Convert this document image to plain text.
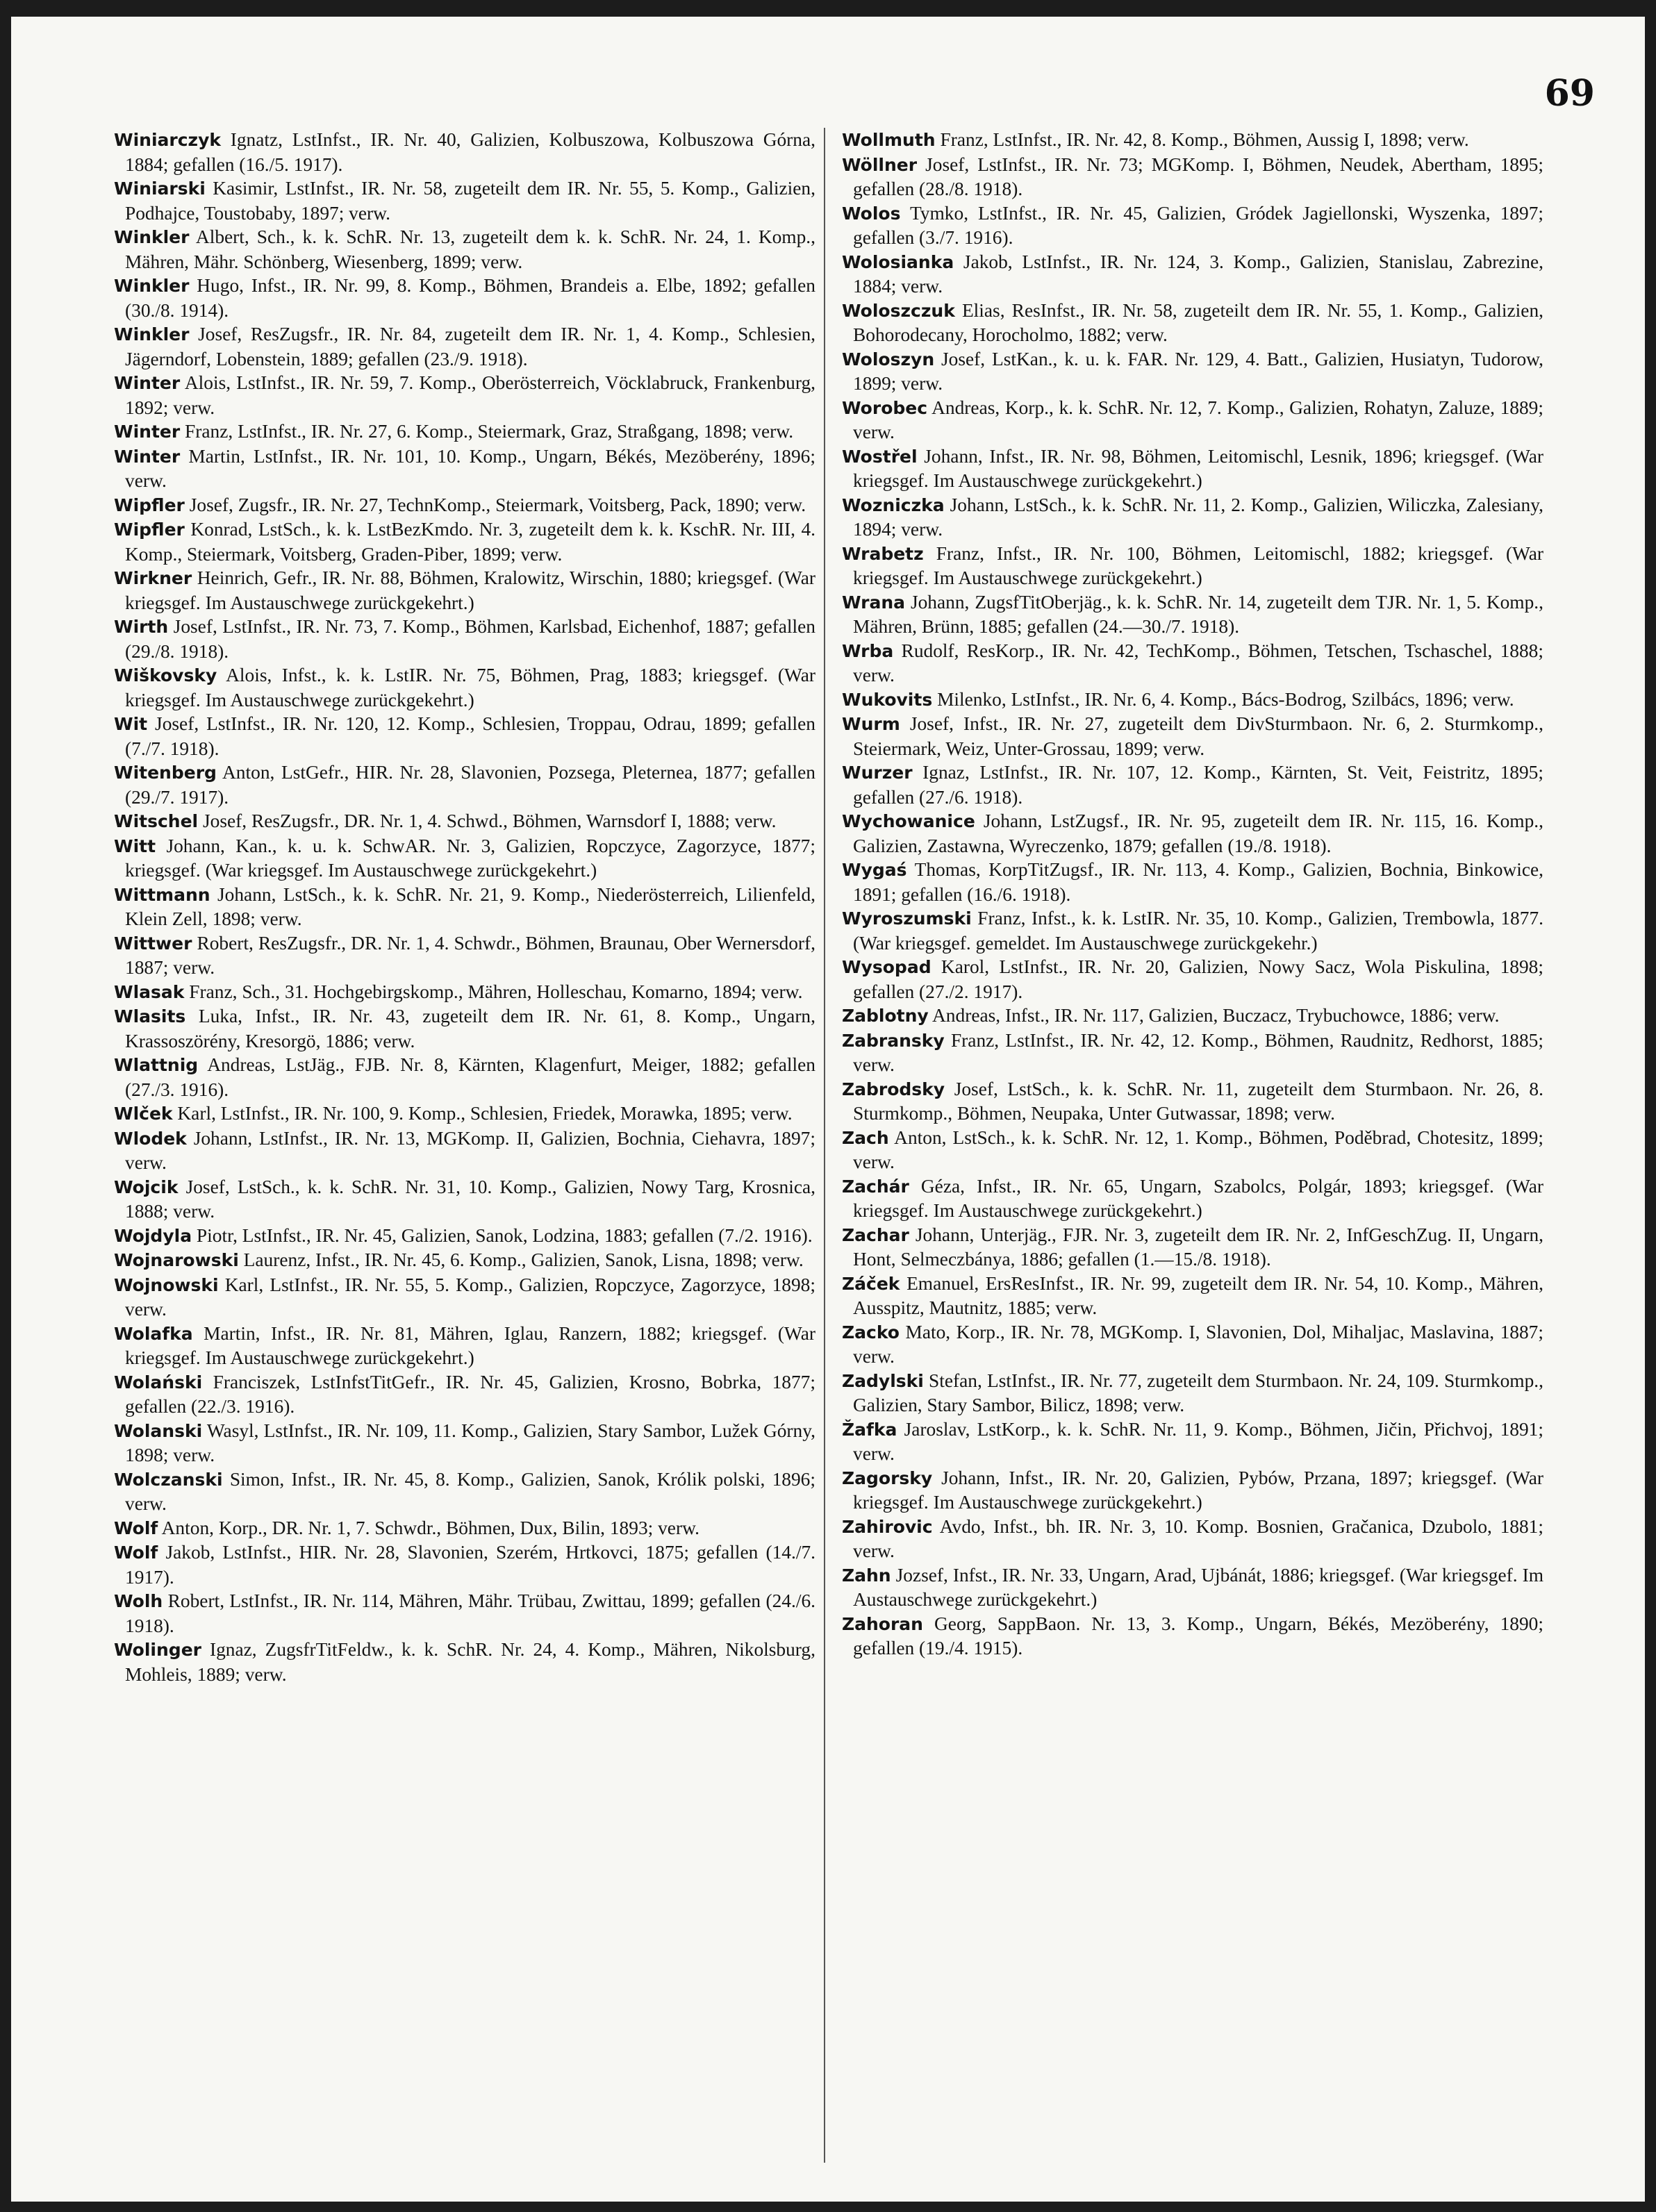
69

Winiarczyk Ignatz, LstInfst., IR. Nr. 40, Galizien, Kolbuszowa, Kolbuszowa Górna, 1884; gefallen (16./5. 1917).

Winiarski Kasimir, LstInfst., IR. Nr. 58, zugeteilt dem IR. Nr. 55, 5. Komp., Galizien, Podhajce, Toustobaby, 1897; verw.

Winkler Albert, Sch., k. k. SchR. Nr. 13, zugeteilt dem k. k. SchR. Nr. 24, 1. Komp., Mähren, Mähr. Schönberg, Wiesenberg, 1899; verw.

Winkler Hugo, Infst., IR. Nr. 99, 8. Komp., Böhmen, Brandeis a. Elbe, 1892; gefallen (30./8. 1914).

Winkler Josef, ResZugsfr., IR. Nr. 84, zugeteilt dem IR. Nr. 1, 4. Komp., Schlesien, Jägerndorf, Lobenstein, 1889; gefallen (23./9. 1918).

Winter Alois, LstInfst., IR. Nr. 59, 7. Komp., Oberösterreich, Vöcklabruck, Frankenburg, 1892; verw.

Winter Franz, LstInfst., IR. Nr. 27, 6. Komp., Steiermark, Graz, Straßgang, 1898; verw.

Winter Martin, LstInfst., IR. Nr. 101, 10. Komp., Ungarn, Békés, Mezöberény, 1896; verw.

Wipfler Josef, Zugsfr., IR. Nr. 27, TechnKomp., Steiermark, Voitsberg, Pack, 1890; verw.

Wipfler Konrad, LstSch., k. k. LstBezKmdo. Nr. 3, zugeteilt dem k. k. KschR. Nr. III, 4. Komp., Steiermark, Voitsberg, Graden-Piber, 1899; verw.

Wirkner Heinrich, Gefr., IR. Nr. 88, Böhmen, Kralowitz, Wirschin, 1880; kriegsgef. (War kriegsgef. Im Austauschwege zurückgekehrt.)

Wirth Josef, LstInfst., IR. Nr. 73, 7. Komp., Böhmen, Karlsbad, Eichenhof, 1887; gefallen (29./8. 1918).

Wiškovsky Alois, Infst., k. k. LstIR. Nr. 75, Böhmen, Prag, 1883; kriegsgef. (War kriegsgef. Im Austauschwege zurückgekehrt.)

Wit Josef, LstInfst., IR. Nr. 120, 12. Komp., Schlesien, Troppau, Odrau, 1899; gefallen (7./7. 1918).

Witenberg Anton, LstGefr., HIR. Nr. 28, Slavonien, Pozsega, Pleternea, 1877; gefallen (29./7. 1917).

Witschel Josef, ResZugsfr., DR. Nr. 1, 4. Schwd., Böhmen, Warnsdorf I, 1888; verw.

Witt Johann, Kan., k. u. k. SchwAR. Nr. 3, Galizien, Ropczyce, Zagorzyce, 1877; kriegsgef. (War kriegsgef. Im Austauschwege zurückgekehrt.)

Wittmann Johann, LstSch., k. k. SchR. Nr. 21, 9. Komp., Niederösterreich, Lilienfeld, Klein Zell, 1898; verw.

Wittwer Robert, ResZugsfr., DR. Nr. 1, 4. Schwdr., Böhmen, Braunau, Ober Wernersdorf, 1887; verw.

Wlasak Franz, Sch., 31. Hochgebirgskomp., Mähren, Holleschau, Komarno, 1894; verw.

Wlasits Luka, Infst., IR. Nr. 43, zugeteilt dem IR. Nr. 61, 8. Komp., Ungarn, Krassoszörény, Kresorgö, 1886; verw.

Wlattnig Andreas, LstJäg., FJB. Nr. 8, Kärnten, Klagenfurt, Meiger, 1882; gefallen (27./3. 1916).

Wlček Karl, LstInfst., IR. Nr. 100, 9. Komp., Schlesien, Friedek, Morawka, 1895; verw.

Wlodek Johann, LstInfst., IR. Nr. 13, MGKomp. II, Galizien, Bochnia, Ciehavra, 1897; verw.

Wojcik Josef, LstSch., k. k. SchR. Nr. 31, 10. Komp., Galizien, Nowy Targ, Krosnica, 1888; verw.

Wojdyla Piotr, LstInfst., IR. Nr. 45, Galizien, Sanok, Lodzina, 1883; gefallen (7./2. 1916).

Wojnarowski Laurenz, Infst., IR. Nr. 45, 6. Komp., Galizien, Sanok, Lisna, 1898; verw.

Wojnowski Karl, LstInfst., IR. Nr. 55, 5. Komp., Galizien, Ropczyce, Zagorzyce, 1898; verw.

Wolafka Martin, Infst., IR. Nr. 81, Mähren, Iglau, Ranzern, 1882; kriegsgef. (War kriegsgef. Im Austauschwege zurückgekehrt.)

Wolański Franciszek, LstInfstTitGefr., IR. Nr. 45, Galizien, Krosno, Bobrka, 1877; gefallen (22./3. 1916).

Wolanski Wasyl, LstInfst., IR. Nr. 109, 11. Komp., Galizien, Stary Sambor, Lužek Górny, 1898; verw.

Wolczanski Simon, Infst., IR. Nr. 45, 8. Komp., Galizien, Sanok, Królik polski, 1896; verw.

Wolf Anton, Korp., DR. Nr. 1, 7. Schwdr., Böhmen, Dux, Bilin, 1893; verw.

Wolf Jakob, LstInfst., HIR. Nr. 28, Slavonien, Szerém, Hrtkovci, 1875; gefallen (14./7. 1917).

Wolh Robert, LstInfst., IR. Nr. 114, Mähren, Mähr. Trübau, Zwittau, 1899; gefallen (24./6. 1918).

Wolinger Ignaz, ZugsfrTitFeldw., k. k. SchR. Nr. 24, 4. Komp., Mähren, Nikolsburg, Mohleis, 1889; verw.

Wollmuth Franz, LstInfst., IR. Nr. 42, 8. Komp., Böhmen, Aussig I, 1898; verw.

Wöllner Josef, LstInfst., IR. Nr. 73; MGKomp. I, Böhmen, Neudek, Abertham, 1895; gefallen (28./8. 1918).

Wolos Tymko, LstInfst., IR. Nr. 45, Galizien, Gródek Jagiellonski, Wyszenka, 1897; gefallen (3./7. 1916).

Wolosianka Jakob, LstInfst., IR. Nr. 124, 3. Komp., Galizien, Stanislau, Zabrezine, 1884; verw.

Woloszczuk Elias, ResInfst., IR. Nr. 58, zugeteilt dem IR. Nr. 55, 1. Komp., Galizien, Bohorodecany, Horocholmo, 1882; verw.

Woloszyn Josef, LstKan., k. u. k. FAR. Nr. 129, 4. Batt., Galizien, Husiatyn, Tudorow, 1899; verw.

Worobec Andreas, Korp., k. k. SchR. Nr. 12, 7. Komp., Galizien, Rohatyn, Zaluze, 1889; verw.

Wostřel Johann, Infst., IR. Nr. 98, Böhmen, Leitomischl, Lesnik, 1896; kriegsgef. (War kriegsgef. Im Austauschwege zurückgekehrt.)

Wozniczka Johann, LstSch., k. k. SchR. Nr. 11, 2. Komp., Galizien, Wiliczka, Zalesiany, 1894; verw.

Wrabetz Franz, Infst., IR. Nr. 100, Böhmen, Leitomischl, 1882; kriegsgef. (War kriegsgef. Im Austauschwege zurückgekehrt.)

Wrana Johann, ZugsfTitOberjäg., k. k. SchR. Nr. 14, zugeteilt dem TJR. Nr. 1, 5. Komp., Mähren, Brünn, 1885; gefallen (24.—30./7. 1918).

Wrba Rudolf, ResKorp., IR. Nr. 42, TechKomp., Böhmen, Tetschen, Tschaschel, 1888; verw.

Wukovits Milenko, LstInfst., IR. Nr. 6, 4. Komp., Bács-Bodrog, Szilbács, 1896; verw.

Wurm Josef, Infst., IR. Nr. 27, zugeteilt dem DivSturmbaon. Nr. 6, 2. Sturmkomp., Steiermark, Weiz, Unter-Grossau, 1899; verw.

Wurzer Ignaz, LstInfst., IR. Nr. 107, 12. Komp., Kärnten, St. Veit, Feistritz, 1895; gefallen (27./6. 1918).

Wychowanice Johann, LstZugsf., IR. Nr. 95, zugeteilt dem IR. Nr. 115, 16. Komp., Galizien, Zastawna, Wyreczenko, 1879; gefallen (19./8. 1918).

Wygaś Thomas, KorpTitZugsf., IR. Nr. 113, 4. Komp., Galizien, Bochnia, Binkowice, 1891; gefallen (16./6. 1918).

Wyroszumski Franz, Infst., k. k. LstIR. Nr. 35, 10. Komp., Galizien, Trembowla, 1877. (War kriegsgef. gemeldet. Im Austauschwege zurückgekehr.)

Wysopad Karol, LstInfst., IR. Nr. 20, Galizien, Nowy Sacz, Wola Piskulina, 1898; gefallen (27./2. 1917).

Zablotny Andreas, Infst., IR. Nr. 117, Galizien, Buczacz, Trybuchowce, 1886; verw.

Zabransky Franz, LstInfst., IR. Nr. 42, 12. Komp., Böhmen, Raudnitz, Redhorst, 1885; verw.

Zabrodsky Josef, LstSch., k. k. SchR. Nr. 11, zugeteilt dem Sturmbaon. Nr. 26, 8. Sturmkomp., Böhmen, Neupaka, Unter Gutwassar, 1898; verw.

Zach Anton, LstSch., k. k. SchR. Nr. 12, 1. Komp., Böhmen, Poděbrad, Chotesitz, 1899; verw.

Zachár Géza, Infst., IR. Nr. 65, Ungarn, Szabolcs, Polgár, 1893; kriegsgef. (War kriegsgef. Im Austauschwege zurückgekehrt.)

Zachar Johann, Unterjäg., FJR. Nr. 3, zugeteilt dem IR. Nr. 2, InfGeschZug. II, Ungarn, Hont, Selmeczbánya, 1886; gefallen (1.—15./8. 1918).

Záček Emanuel, ErsResInfst., IR. Nr. 99, zugeteilt dem IR. Nr. 54, 10. Komp., Mähren, Ausspitz, Mautnitz, 1885; verw.

Zacko Mato, Korp., IR. Nr. 78, MGKomp. I, Slavonien, Dol, Mihaljac, Maslavina, 1887; verw.

Zadylski Stefan, LstInfst., IR. Nr. 77, zugeteilt dem Sturmbaon. Nr. 24, 109. Sturmkomp., Galizien, Stary Sambor, Bilicz, 1898; verw.

Žafka Jaroslav, LstKorp., k. k. SchR. Nr. 11, 9. Komp., Böhmen, Jičin, Přichvoj, 1891; verw.

Zagorsky Johann, Infst., IR. Nr. 20, Galizien, Pybów, Przana, 1897; kriegsgef. (War kriegsgef. Im Austauschwege zurückgekehrt.)

Zahirovic Avdo, Infst., bh. IR. Nr. 3, 10. Komp. Bosnien, Gračanica, Dzubolo, 1881; verw.

Zahn Jozsef, Infst., IR. Nr. 33, Ungarn, Arad, Ujbánát, 1886; kriegsgef. (War kriegsgef. Im Austauschwege zurückgekehrt.)

Zahoran Georg, SappBaon. Nr. 13, 3. Komp., Ungarn, Békés, Mezöberény, 1890; gefallen (19./4. 1915).
